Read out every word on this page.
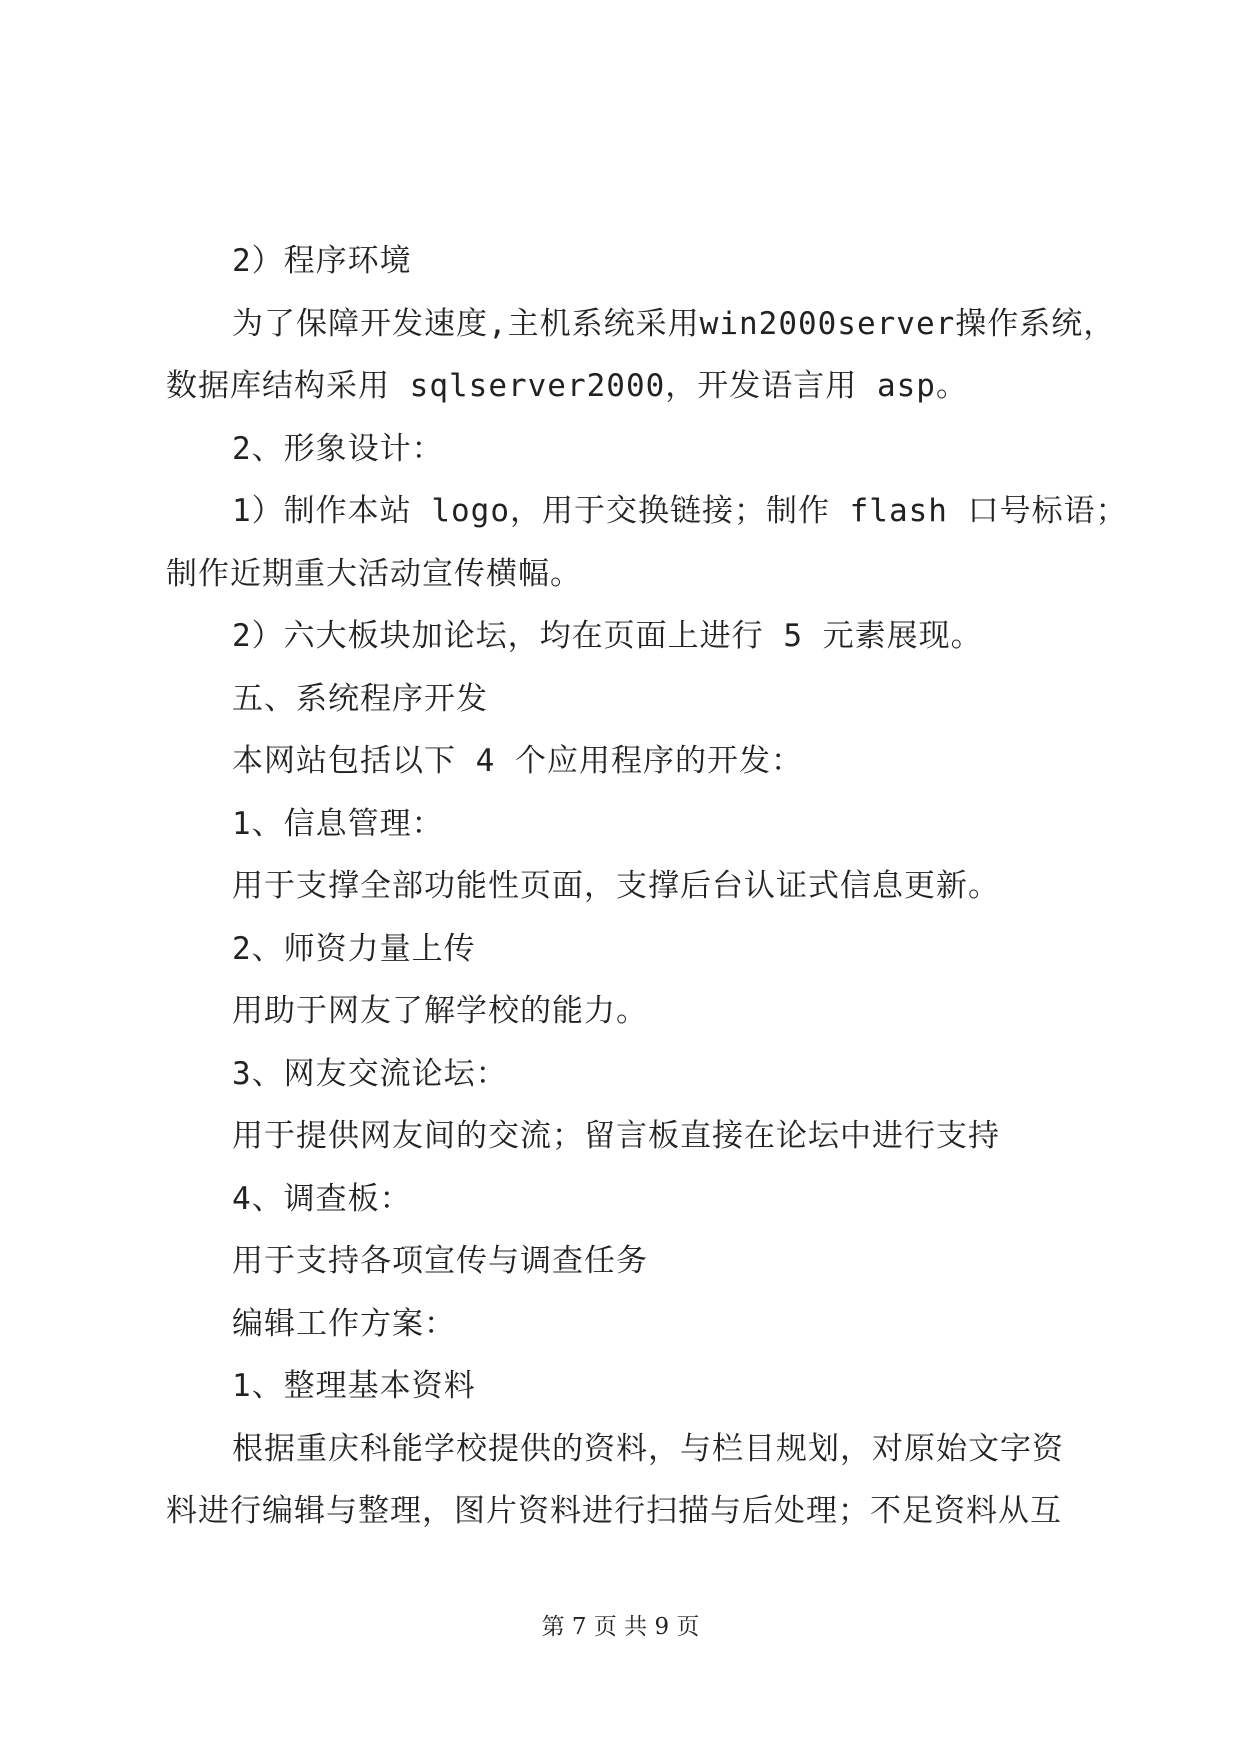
2）程序环境
为了保障开发速度,主机系统采用win2000server操作系统，
数据库结构采用 sqlserver2000，开发语言用 asp。
2、形象设计：
1）制作本站 logo，用于交换链接；制作 flash 口号标语；
制作近期重大活动宣传横幅。
2）六大板块加论坛，均在页面上进行 5 元素展现。
五、系统程序开发
本网站包括以下 4 个应用程序的开发：
1、信息管理：
用于支撑全部功能性页面，支撑后台认证式信息更新。
2、师资力量上传
用助于网友了解学校的能力。
3、网友交流论坛：
用于提供网友间的交流；留言板直接在论坛中进行支持
4、调查板：
用于支持各项宣传与调查任务
编辑工作方案：
1、整理基本资料
根据重庆科能学校提供的资料，与栏目规划，对原始文字资
料进行编辑与整理，图片资料进行扫描与后处理；不足资料从互
第 7 页 共 9 页
